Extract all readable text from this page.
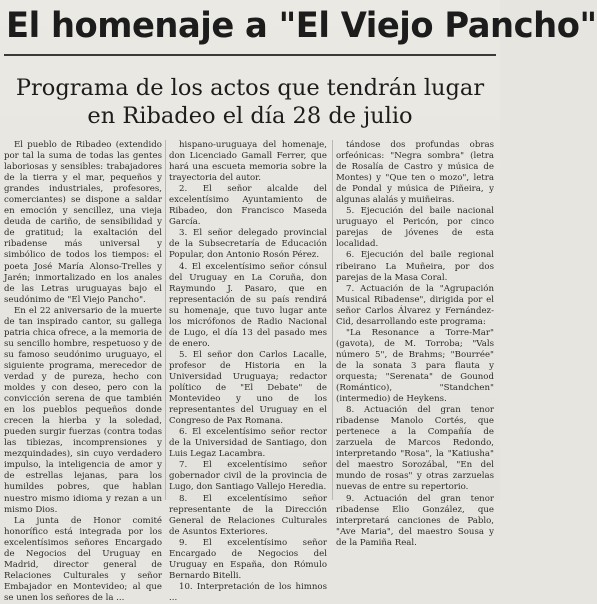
El homenaje a "El Viejo Pancho"
Programa de los actos que tendrán lugar
en Ribadeo el día 28 de julio

El pueblo de Ribadeo (extendido por tal la suma de todas las gentes laboriosas y sensibles: trabajadores de la tierra y el mar, pequeños y grandes industriales, profesores, comerciantes) se dispone a saldar en emoción y sencillez, una vieja deuda de cariño, de sensibilidad y de gratitud; la exaltación del ribadense más universal y simbólico de todos los tiempos: el poeta José María Alonso-Trelles y Jarén; inmortalizado en los anales de las Letras uruguayas bajo el seudónimo de "El Viejo Pancho".

En el 22 aniversario de la muerte de tan inspirado cantor, su gallega patria chica ofrece, a la memoria de su sencillo hombre, respetuoso y de su famoso seudónimo uruguayo, el siguiente programa, merecedor de verdad y de pureza, hecho con moldes y con deseo, pero con la convicción serena de que también en los pueblos pequeños donde crecen la hierba y la soledad, pueden surgir fuerzas (contra todas las tibiezas, incomprensiones y mezquindades), sin cuyo verdadero impulso, la inteligencia de amor y de estrellas lejanas, para los humildes pobres, que hablan nuestro mismo idioma y rezan a un mismo Dios.

La junta de Honor comité honorífico está integrada por los excelentísimos señores Encargado de Negocios del Uruguay en Madrid, director general de Relaciones Culturales y señor Embajador en Montevideo; al que se unen los señores de la ...

hispano-uruguaya del homenaje, don Licenciado Gamall Ferrer, que hará una escueta memoria sobre la trayectoria del autor.

2. El señor alcalde del excelentísimo Ayuntamiento de Ribadeo, don Francisco Maseda García.

3. El señor delegado provincial de la Subsecretaría de Educación Popular, don Antonio Rosón Pérez.

4. El excelentísimo señor cónsul del Uruguay en La Coruña, don Raymundo J. Pasaro, que en representación de su país rendirá su homenaje, que tuvo lugar ante los micrófonos de Radio Nacional de Lugo, el día 13 del pasado mes de enero.

5. El señor don Carlos Lacalle, profesor de Historia en la Universidad Uruguaya; redactor político de "El Debate" de Montevideo y uno de los representantes del Uruguay en el Congreso de Pax Romana.

6. El excelentísimo señor rector de la Universidad de Santiago, don Luis Legaz Lacambra.

7. El excelentísimo señor gobernador civil de la provincia de Lugo, don Santiago Vallejo Heredia.

8. El excelentísimo señor representante de la Dirección General de Relaciones Culturales de Asuntos Exteriores.

9. El excelentísimo señor Encargado de Negocios del Uruguay en España, don Rómulo Bernardo Bitelli.

10. Interpretación de los himnos ...

tándose dos profundas obras orfeónicas: "Negra sombra" (letra de Rosalía de Castro y música de Montes) y "Que ten o mozo", letra de Pondal y música de Piñeira, y algunas alalás y muiñeiras.

5. Ejecución del baile nacional uruguayo el Pericón, por cinco parejas de jóvenes de esta localidad.

6. Ejecución del baile regional ribeirano La Muñeira, por dos parejas de la Masa Coral.

7. Actuación de la "Agrupación Musical Ribadense", dirigida por el señor Carlos Álvarez y Fernández-Cid, desarrollando este programa:

"La Resonance a Torre-Mar" (gavota), de M. Torroba; "Vals número 5", de Brahms; "Bourrée" de la sonata 3 para flauta y orquesta; "Serenata" de Gounod (Romántico), "Standchen" (intermedio) de Heykens.

8. Actuación del gran tenor ribadense Manolo Cortés, que pertenece a la Compañía de zarzuela de Marcos Redondo, interpretando "Rosa", la "Katiusha" del maestro Sorozábal, "En del mundo de rosas" y otras zarzuelas nuevas de entre su repertorio.

9. Actuación del gran tenor ribadense Elio González, que interpretará canciones de Pablo, "Ave Maria", del maestro Sousa y de la Pamiña Real.
